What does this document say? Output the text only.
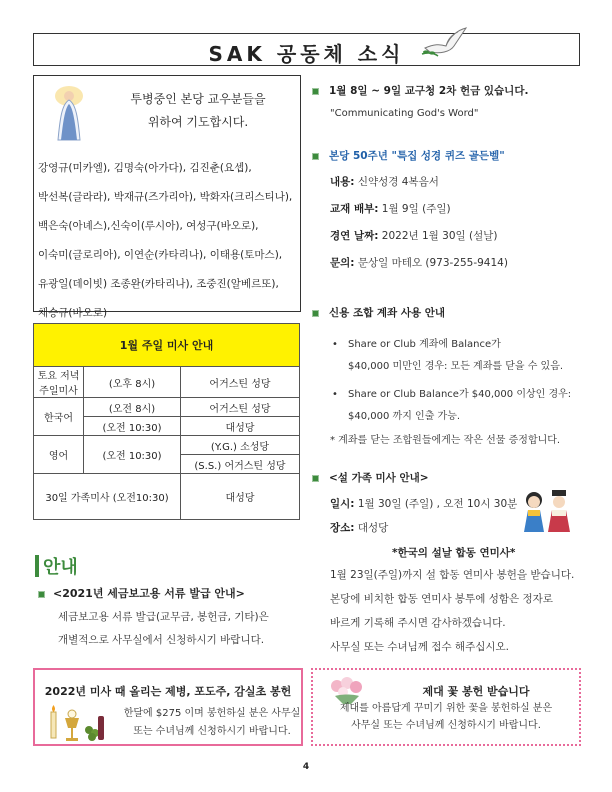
SAK 공동체 소식
투병중인 본당 교우분들을
위하여 기도합시다.
강영규(미카엘), 김명숙(아가다), 김진춘(요셉),
박선복(글라라), 박재규(즈가리아), 박화자(크리스티나),
백은숙(아녜스),신숙이(루시아), 여성구(바오로),
이숙미(글로리아), 이연순(카타리나), 이태용(토마스),
유광일(데이빗) 조종완(카타리나), 조중진(알베르또),
채승규(바오로)
1월 주일 미사 안내		
토요 저녁 주일미사	(오후 8시)	어거스틴 성당
한국어	(오전 8시)	어거스틴 성당
	(오전 10:30)	대성당
영어	(오전 10:30)	(Y.G.) 소성당
		(S.S.) 어거스틴 성당
30일 가족미사 (오전10:30)		대성당
안내
<2021년 세금보고용 서류 발급 안내>
세금보고용 서류 발급(교무금, 봉헌금, 기타)은
개별적으로 사무실에서 신청하시기 바랍니다.
2022년 미사 때 올리는 제병, 포도주, 감실초 봉헌
한달에 $275 이며 봉헌하실 분은 사무실
또는 수녀님께 신청하시기 바랍니다.
제대 꽃 봉헌 받습니다
제대를 아름답게 꾸미기 위한 꽃을 봉헌하실 분은
사무실 또는 수녀님께 신청하시기 바랍니다.
1월 8일 ~ 9일 교구청 2차 헌금 있습니다.
"Communicating God's Word"
본당 50주년 "특집 성경 퀴즈 골든벨"
내용: 신약성경 4복음서
교재 배부: 1월 9일 (주일)
경연 날짜: 2022년 1월 30일 (설날)
문의: 문상일 마테오 (973-255-9414)
신용 조합 계좌 사용 안내
• Share or Club 계좌에 Balance가
$40,000 미만인 경우: 모든 계좌를 닫을 수 있음.
• Share or Club Balance가 $40,000 이상인 경우:
$40,000 까지 인출 가능.
* 계좌를 닫는 조합원들에게는 작은 선물 증정합니다.
<설 가족 미사 안내>
일시: 1월 30일 (주일) , 오전 10시 30분
장소: 대성당
*한국의 설날 합동 연미사*
1월 23일(주일)까지 설 합동 연미사 봉헌을 받습니다.
본당에 비치한 합동 연미사 봉투에 성함은 정자로
바르게 기록해 주시면 감사하겠습니다.
사무실 또는 수녀님께 접수 해주십시오.
4
